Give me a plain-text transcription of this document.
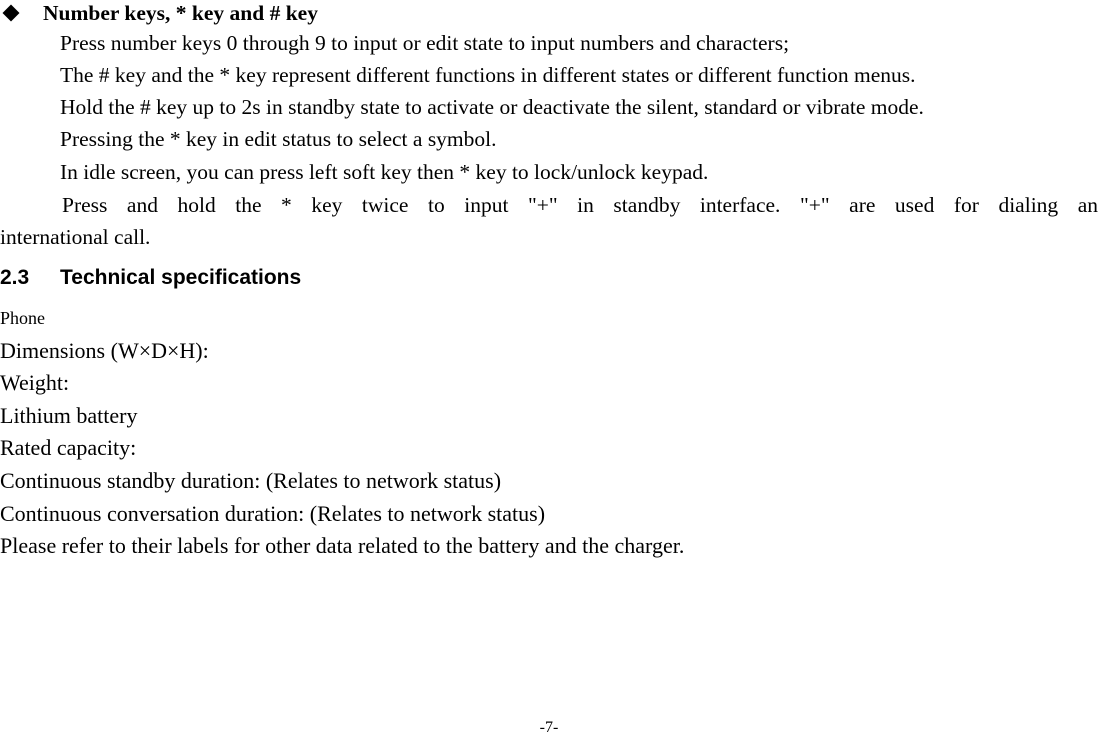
Number keys, * key and # key
Press number keys 0 through 9 to input or edit state to input numbers and characters;
The # key and the * key represent different functions in different states or different function menus.
Hold the # key up to 2s in standby state to activate or deactivate the silent, standard or vibrate mode.
Pressing the * key in edit status to select a symbol.
In idle screen, you can press left soft key then * key to lock/unlock keypad.
Press and hold the * key twice to input "+" in standby interface. "+" are used for dialing an
international call.
2.3 Technical specifications
Phone
Dimensions (W×D×H):
Weight:
Lithium battery
Rated capacity:
Continuous standby duration: (Relates to network status)
Continuous conversation duration: (Relates to network status)
Please refer to their labels for other data related to the battery and the charger.
-7-
